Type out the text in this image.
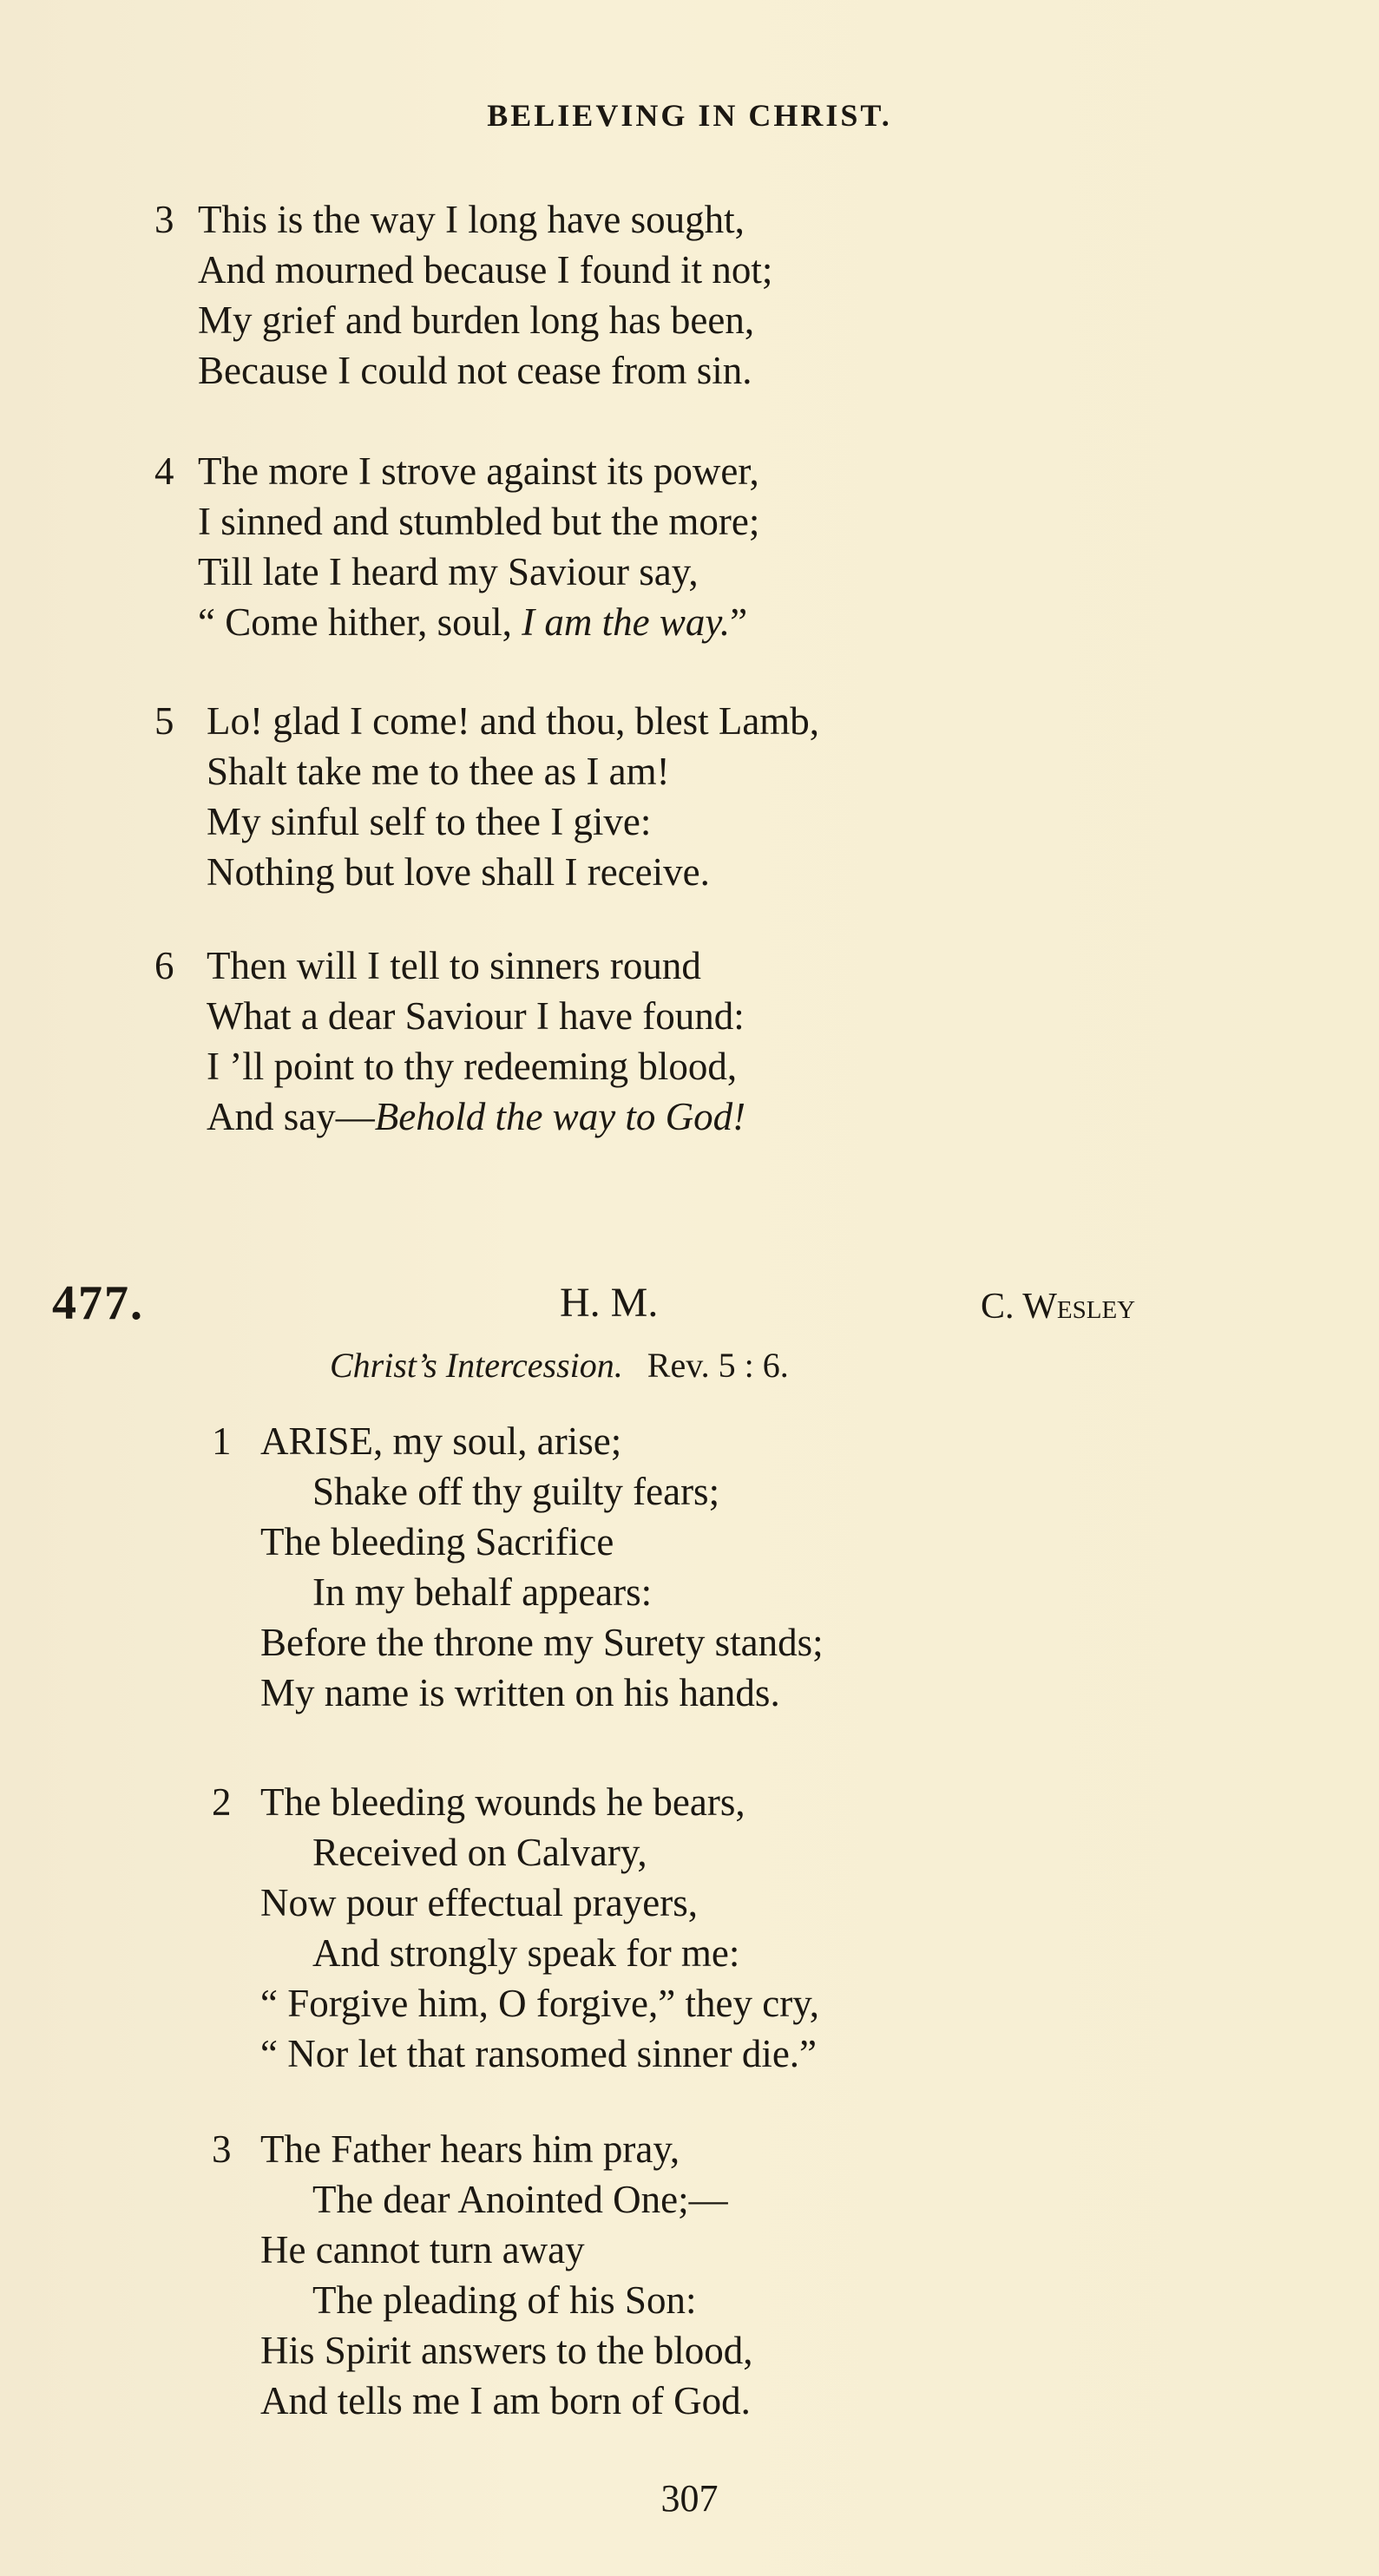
BELIEVING IN CHRIST.
3 This is the way I long have sought,
And mourned because I found it not;
My grief and burden long has been,
Because I could not cease from sin.
4 The more I strove against its power,
I sinned and stumbled but the more;
Till late I heard my Saviour say,
“ Come hither, soul, I am the way.”
5 Lo! glad I come! and thou, blest Lamb,
Shalt take me to thee as I am!
My sinful self to thee I give:
Nothing but love shall I receive.
6 Then will I tell to sinners round
What a dear Saviour I have found:
I ’ll point to thy redeeming blood,
And say—Behold the way to God!
477.	H. M.	C. Wesley
Christ’s Intercession. Rev. 5 : 6.
1 ARISE, my soul, arise;
Shake off thy guilty fears;
The bleeding Sacrifice
In my behalf appears:
Before the throne my Surety stands;
My name is written on his hands.
2 The bleeding wounds he bears,
Received on Calvary,
Now pour effectual prayers,
And strongly speak for me:
“ Forgive him, O forgive,” they cry,
“ Nor let that ransomed sinner die.”
3 The Father hears him pray,
The dear Anointed One;—
He cannot turn away
The pleading of his Son:
His Spirit answers to the blood,
And tells me I am born of God.
307
